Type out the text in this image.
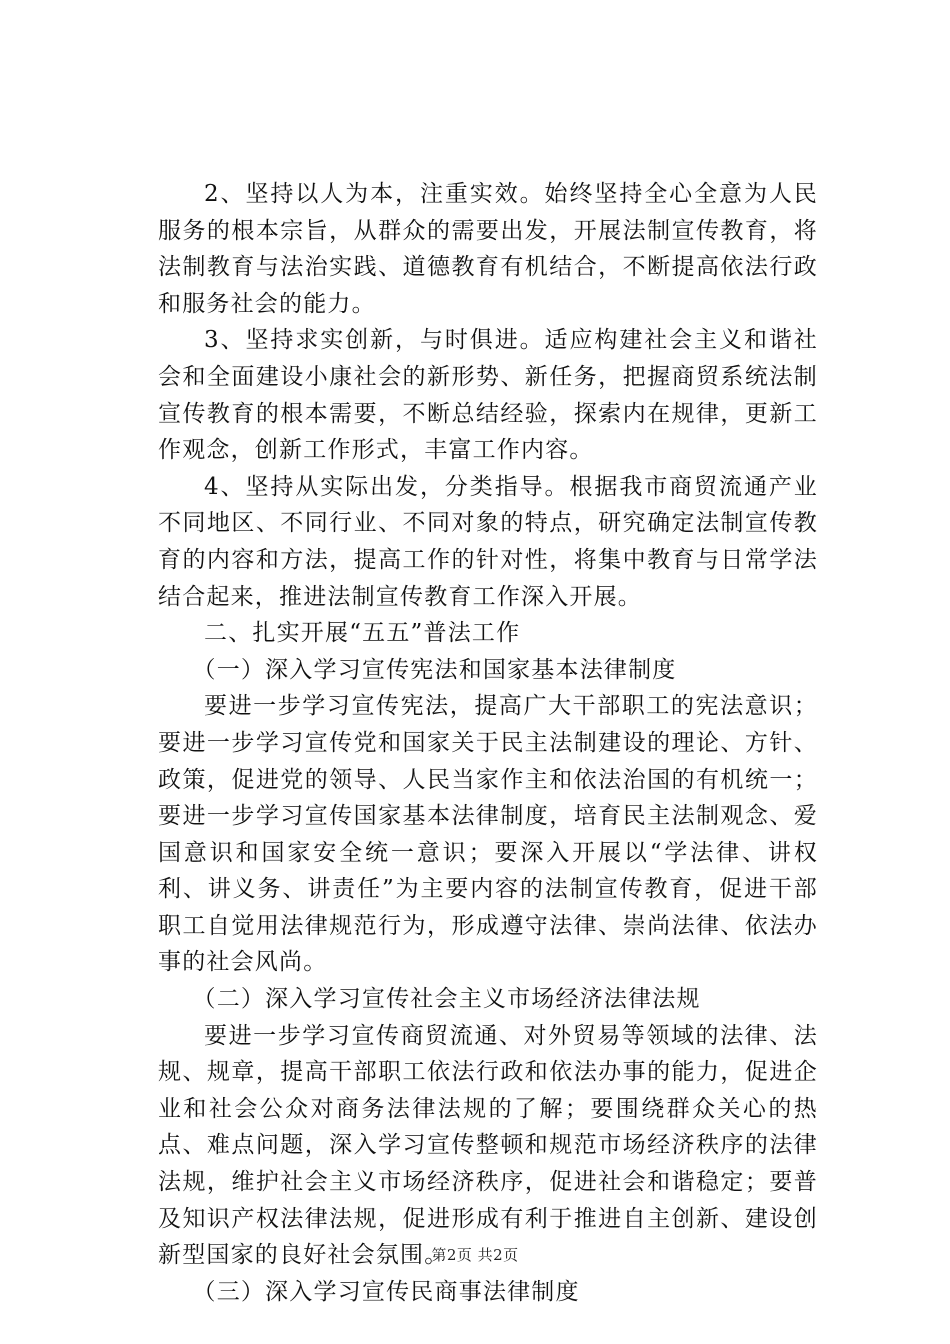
2、坚持以人为本，注重实效。始终坚持全心全意为人民服务的根本宗旨，从群众的需要出发，开展法制宣传教育，将法制教育与法治实践、道德教育有机结合，不断提高依法行政和服务社会的能力。

3、坚持求实创新，与时俱进。适应构建社会主义和谐社会和全面建设小康社会的新形势、新任务，把握商贸系统法制宣传教育的根本需要，不断总结经验，探索内在规律，更新工作观念，创新工作形式，丰富工作内容。

4、坚持从实际出发，分类指导。根据我市商贸流通产业不同地区、不同行业、不同对象的特点，研究确定法制宣传教育的内容和方法，提高工作的针对性，将集中教育与日常学法结合起来，推进法制宣传教育工作深入开展。

二、扎实开展“五五”普法工作

（一）深入学习宣传宪法和国家基本法律制度

要进一步学习宣传宪法，提高广大干部职工的宪法意识；要进一步学习宣传党和国家关于民主法制建设的理论、方针、政策，促进党的领导、人民当家作主和依法治国的有机统一；要进一步学习宣传国家基本法律制度，培育民主法制观念、爱国意识和国家安全统一意识；要深入开展以“学法律、讲权利、讲义务、讲责任”为主要内容的法制宣传教育，促进干部职工自觉用法律规范行为，形成遵守法律、崇尚法律、依法办事的社会风尚。

（二）深入学习宣传社会主义市场经济法律法规

要进一步学习宣传商贸流通、对外贸易等领域的法律、法规、规章，提高干部职工依法行政和依法办事的能力，促进企业和社会公众对商务法律法规的了解；要围绕群众关心的热点、难点问题，深入学习宣传整顿和规范市场经济秩序的法律法规，维护社会主义市场经济秩序，促进社会和谐稳定；要普及知识产权法律法规，促进形成有利于推进自主创新、建设创新型国家的良好社会氛围。

（三）深入学习宣传民商事法律制度

第2页 共2页
